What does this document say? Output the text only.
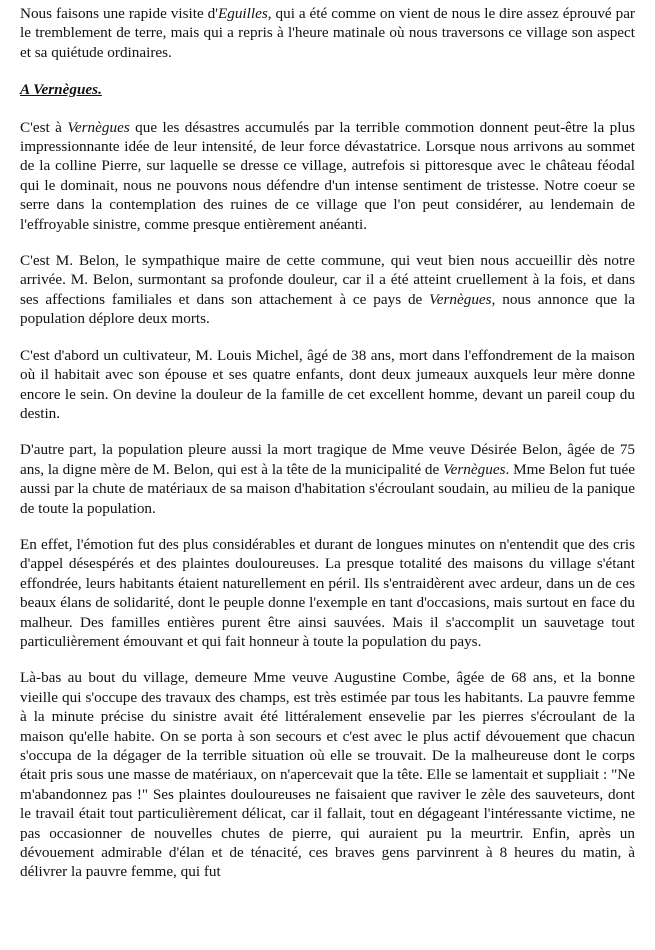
Nous faisons une rapide visite d'Eguilles, qui a été comme on vient de nous le dire assez éprouvé par le tremblement de terre, mais qui a repris à l'heure matinale où nous traversons ce village son aspect et sa quiétude ordinaires.

A Vernègues.

C'est à Vernègues que les désastres accumulés par la terrible commotion donnent peut-être la plus impressionnante idée de leur intensité, de leur force dévastatrice. Lorsque nous arrivons au sommet de la colline Pierre, sur laquelle se dresse ce village, autrefois si pittoresque avec le château féodal qui le dominait, nous ne pouvons nous défendre d'un intense sentiment de tristesse. Notre coeur se serre dans la contemplation des ruines de ce village que l'on peut considérer, au lendemain de l'effroyable sinistre, comme presque entièrement anéanti.

C'est M. Belon, le sympathique maire de cette commune, qui veut bien nous accueillir dès notre arrivée. M. Belon, surmontant sa profonde douleur, car il a été atteint cruellement à la fois, et dans ses affections familiales et dans son attachement à ce pays de Vernègues, nous annonce que la population déplore deux morts.

C'est d'abord un cultivateur, M. Louis Michel, âgé de 38 ans, mort dans l'effondrement de la maison où il habitait avec son épouse et ses quatre enfants, dont deux jumeaux auxquels leur mère donne encore le sein. On devine la douleur de la famille de cet excellent homme, devant un pareil coup du destin.

D'autre part, la population pleure aussi la mort tragique de Mme veuve Désirée Belon, âgée de 75 ans, la digne mère de M. Belon, qui est à la tête de la municipalité de Vernègues. Mme Belon fut tuée aussi par la chute de matériaux de sa maison d'habitation s'écroulant soudain, au milieu de la panique de toute la population.

En effet, l'émotion fut des plus considérables et durant de longues minutes on n'entendit que des cris d'appel désespérés et des plaintes douloureuses. La presque totalité des maisons du village s'étant effondrée, leurs habitants étaient naturellement en péril. Ils s'entraidèrent avec ardeur, dans un de ces beaux élans de solidarité, dont le peuple donne l'exemple en tant d'occasions, mais surtout en face du malheur. Des familles entières purent être ainsi sauvées. Mais il s'accomplit un sauvetage tout particulièrement émouvant et qui fait honneur à toute la population du pays.

Là-bas au bout du village, demeure Mme veuve Augustine Combe, âgée de 68 ans, et la bonne vieille qui s'occupe des travaux des champs, est très estimée par tous les habitants. La pauvre femme à la minute précise du sinistre avait été littéralement ensevelie par les pierres s'écroulant de la maison qu'elle habite. On se porta à son secours et c'est avec le plus actif dévouement que chacun s'occupa de la dégager de la terrible situation où elle se trouvait. De la malheureuse dont le corps était pris sous une masse de matériaux, on n'apercevait que la tête. Elle se lamentait et suppliait : "Ne m'abandonnez pas !" Ses plaintes douloureuses ne faisaient que raviver le zèle des sauveteurs, dont le travail était tout particulièrement délicat, car il fallait, tout en dégageant l'intéressante victime, ne pas occasionner de nouvelles chutes de pierre, qui auraient pu la meurtrir. Enfin, après un dévouement admirable d'élan et de ténacité, ces braves gens parvinrent à 8 heures du matin, à délivrer la pauvre femme, qui fut
